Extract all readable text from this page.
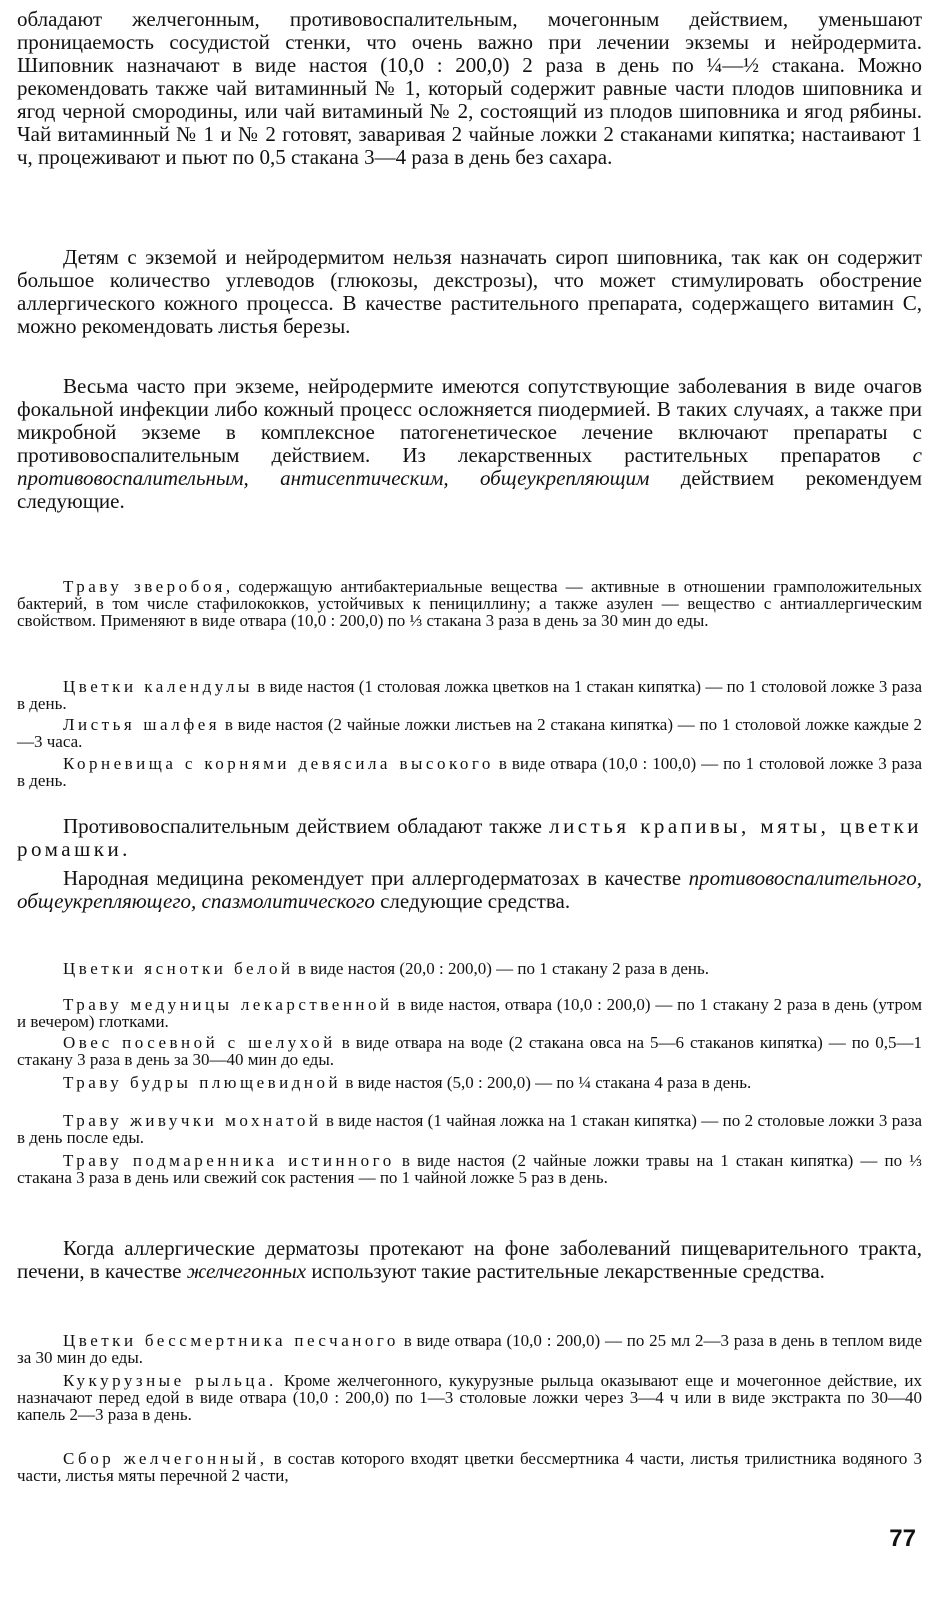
обладают желчегонным, противовоспалительным, мочегонным действием, уменьшают проницаемость сосудистой стенки, что очень важно при лечении экземы и нейродермита. Шиповник назначают в виде настоя (10,0 : 200,0) 2 раза в день по ¼—½ стакана. Можно рекомендовать также чай витаминный № 1, который содержит равные части плодов шиповника и ягод черной смородины, или чай витаминый № 2, состоящий из плодов шиповника и ягод рябины. Чай витаминный № 1 и № 2 готовят, заваривая 2 чайные ложки 2 стаканами кипятка; настаивают 1 ч, процеживают и пьют по 0,5 стакана 3—4 раза в день без сахара.

Детям с экземой и нейродермитом нельзя назначать сироп шиповника, так как он содержит большое количество углеводов (глюкозы, декстрозы), что может стимулировать обострение аллергического кожного процесса. В качестве растительного препарата, содержащего витамин С, можно рекомендовать листья березы.

Весьма часто при экземе, нейродермите имеются сопутствующие заболевания в виде очагов фокальной инфекции либо кожный процесс осложняется пиодермией. В таких случаях, а также при микробной экземе в комплексное патогенетическое лечение включают препараты с противовоспалительным действием. Из лекарственных растительных препаратов с противовоспалительным, антисептическим, общеукрепляющим действием рекомендуем следующие.

Траву зверобоя, содержащую антибактериальные вещества — активные в отношении грамположительных бактерий, в том числе стафилококков, устойчивых к пенициллину; а также азулен — вещество с антиаллергическим свойством. Применяют в виде отвара (10,0 : 200,0) по ⅓ стакана 3 раза в день за 30 мин до еды.

Цветки календулы в виде настоя (1 столовая ложка цветков на 1 стакан кипятка) — по 1 столовой ложке 3 раза в день.

Листья шалфея в виде настоя (2 чайные ложки листьев на 2 стакана кипятка) — по 1 столовой ложке каждые 2—3 часа.

Корневища с корнями девясила высокого в виде отвара (10,0 : 100,0) — по 1 столовой ложке 3 раза в день.

Противовоспалительным действием обладают также листья крапивы, мяты, цветки ромашки.

Народная медицина рекомендует при аллергодерматозах в качестве противовоспалительного, общеукрепляющего, спазмолитического следующие средства.

Цветки яснотки белой в виде настоя (20,0 : 200,0) — по 1 стакану 2 раза в день.

Траву медуницы лекарственной в виде настоя, отвара (10,0 : 200,0) — по 1 стакану 2 раза в день (утром и вечером) глотками.

Овес посевной с шелухой в виде отвара на воде (2 стакана овса на 5—6 стаканов кипятка) — по 0,5—1 стакану 3 раза в день за 30—40 мин до еды.

Траву будры плющевидной в виде настоя (5,0 : 200,0) — по ¼ стакана 4 раза в день.

Траву живучки мохнатой в виде настоя (1 чайная ложка на 1 стакан кипятка) — по 2 столовые ложки 3 раза в день после еды.

Траву подмаренника истинного в виде настоя (2 чайные ложки травы на 1 стакан кипятка) — по ⅓ стакана 3 раза в день или свежий сок растения — по 1 чайной ложке 5 раз в день.

Когда аллергические дерматозы протекают на фоне заболеваний пищеварительного тракта, печени, в качестве желчегонных используют такие растительные лекарственные средства.

Цветки бессмертника песчаного в виде отвара (10,0 : 200,0) — по 25 мл 2—3 раза в день в теплом виде за 30 мин до еды.

Кукурузные рыльца. Кроме желчегонного, кукурузные рыльца оказывают еще и мочегонное действие, их назначают перед едой в виде отвара (10,0 : 200,0) по 1—3 столовые ложки через 3—4 ч или в виде экстракта по 30—40 капель 2—3 раза в день.

Сбор желчегонный, в состав которого входят цветки бессмертника 4 части, листья трилистника водяного 3 части, листья мяты перечной 2 части,

77
